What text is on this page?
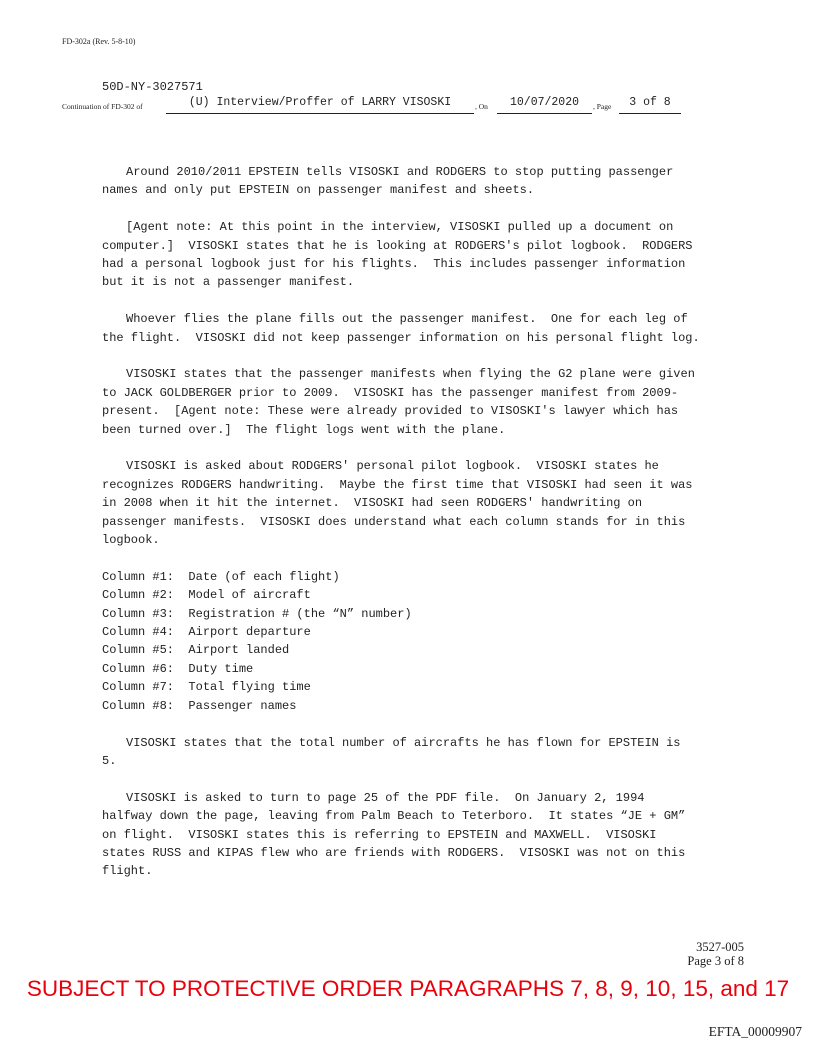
FD-302a (Rev. 5-8-10)
50D-NY-3027571
Continuation of FD-302 of	(U) Interview/Proffer of LARRY VISOSKI	, On	10/07/2020	, Page	3 of 8

Around 2010/2011 EPSTEIN tells VISOSKI and RODGERS to stop putting passenger names and only put EPSTEIN on passenger manifest and sheets.

[Agent note: At this point in the interview, VISOSKI pulled up a document on computer.]  VISOSKI states that he is looking at RODGERS's pilot logbook.  RODGERS had a personal logbook just for his flights.  This includes passenger information but it is not a passenger manifest.

Whoever flies the plane fills out the passenger manifest.  One for each leg of the flight.  VISOSKI did not keep passenger information on his personal flight log.

VISOSKI states that the passenger manifests when flying the G2 plane were given to JACK GOLDBERGER prior to 2009.  VISOSKI has the passenger manifest from 2009-present.  [Agent note: These were already provided to VISOSKI's lawyer which has been turned over.]  The flight logs went with the plane.

VISOSKI is asked about RODGERS' personal pilot logbook.  VISOSKI states he recognizes RODGERS handwriting.  Maybe the first time that VISOSKI had seen it was in 2008 when it hit the internet.  VISOSKI had seen RODGERS' handwriting on passenger manifests.  VISOSKI does understand what each column stands for in this logbook.

Column #1:  Date (of each flight)
Column #2:  Model of aircraft
Column #3:  Registration # (the “N” number)
Column #4:  Airport departure
Column #5:  Airport landed
Column #6:  Duty time
Column #7:  Total flying time
Column #8:  Passenger names

VISOSKI states that the total number of aircrafts he has flown for EPSTEIN is 5.

VISOSKI is asked to turn to page 25 of the PDF file.  On January 2, 1994 halfway down the page, leaving from Palm Beach to Teterboro.  It states “JE + GM” on flight.  VISOSKI states this is referring to EPSTEIN and MAXWELL.  VISOSKI states RUSS and KIPAS flew who are friends with RODGERS.  VISOSKI was not on this flight.

3527-005
Page 3 of 8
SUBJECT TO PROTECTIVE ORDER PARAGRAPHS 7, 8, 9, 10, 15, and 17
EFTA_00009907
